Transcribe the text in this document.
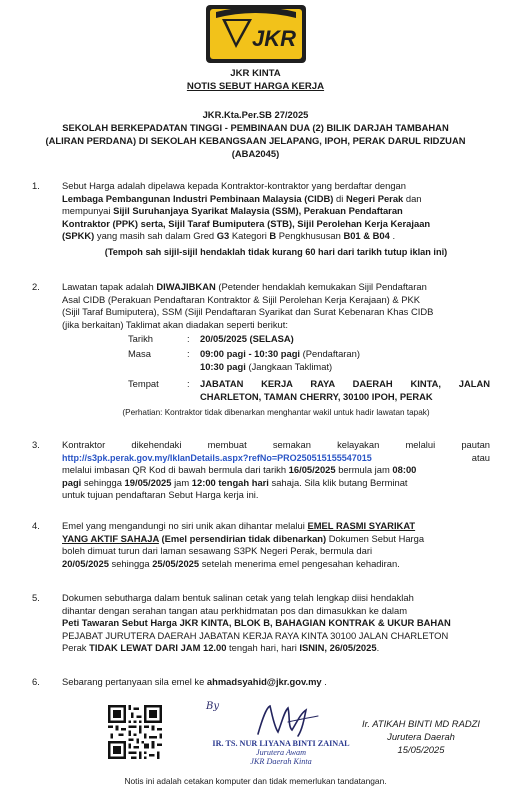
JKR
JKR KINTA
NOTIS SEBUT HARGA KERJA
JKR.Kta.Per.SB 27/2025
SEKOLAH BERKEPADATAN TINGGI - PEMBINAAN DUA (2) BILIK DARJAH TAMBAHAN
(ALIRAN PERDANA) DI SEKOLAH KEBANGSAAN JELAPANG, IPOH, PERAK DARUL RIDZUAN
(ABA2045)
1. Sebut Harga adalah dipelawa kepada Kontraktor-kontraktor yang berdaftar dengan
Lembaga Pembangunan Industri Pembinaan Malaysia (CIDB) di Negeri Perak dan
mempunyai Sijil Suruhanjaya Syarikat Malaysia (SSM), Perakuan Pendaftaran
Kontraktor (PPK) serta, Sijil Taraf Bumiputera (STB), Sijil Perolehan Kerja Kerajaan
(SPKK) yang masih sah dalam Gred G3 Kategori B Pengkhususan B01 & B04 .
(Tempoh sah sijil-sijil hendaklah tidak kurang 60 hari dari tarikh tutup iklan ini)
2. Lawatan tapak adalah DIWAJIBKAN (Petender hendaklah kemukakan Sijil Pendaftaran
Asal CIDB (Perakuan Pendaftaran Kontraktor & Sijil Perolehan Kerja Kerajaan) & PKK
(Sijil Taraf Bumiputera), SSM (Sijil Pendaftaran Syarikat dan Surat Kebenaran Khas CIDB
(jika berkaitan) Taklimat akan diadakan seperti berikut:
Tarikh	: 20/05/2025 (SELASA)
Masa	: 09:00 pagi - 10:30 pagi (Pendaftaran)
10:30 pagi (Jangkaan Taklimat)
Tempat	: JABATAN KERJA RAYA DAERAH KINTA, JALAN
CHARLETON, TAMAN CHERRY, 30100 IPOH, PERAK
(Perhatian: Kontraktor tidak dibenarkan menghantar wakil untuk hadir lawatan tapak)
3. Kontraktor dikehendaki membuat semakan kelayakan melalui pautan
http://s3pk.perak.gov.my/IklanDetails.aspx?refNo=PRO250515155547015	atau
melalui imbasan QR Kod di bawah bermula dari tarikh 16/05/2025 bermula jam 08:00
pagi sehingga 19/05/2025 jam 12:00 tengah hari sahaja. Sila klik butang Berminat
untuk tujuan pendaftaran Sebut Harga kerja ini.
4. Emel yang mengandungi no siri unik akan dihantar melalui EMEL RASMI SYARIKAT
YANG AKTIF SAHAJA (Emel persendirian tidak dibenarkan) Dokumen Sebut Harga
boleh dimuat turun dari laman sesawang S3PK Negeri Perak, bermula dari
20/05/2025 sehingga 25/05/2025 setelah menerima emel pengesahan kehadiran.
5. Dokumen sebutharga dalam bentuk salinan cetak yang telah lengkap diisi hendaklah
dihantar dengan serahan tangan atau perkhidmatan pos dan dimasukkan ke dalam
Peti Tawaran Sebut Harga JKR KINTA, BLOK B, BAHAGIAN KONTRAK & UKUR BAHAN
PEJABAT JURUTERA DAERAH JABATAN KERJA RAYA KINTA 30100 JALAN CHARLETON
Perak TIDAK LEWAT DARI JAM 12.00 tengah hari, hari ISNIN, 26/05/2025.
6. Sebarang pertanyaan sila emel ke ahmadsyahid@jkr.gov.my .
By
IR. TS. NUR LIYANA BINTI ZAINAL
Jurutera Awam
JKR Daerah Kinta
Ir. ATIKAH BINTI MD RADZI
Jurutera Daerah
15/05/2025
Notis ini adalah cetakan komputer dan tidak memerlukan tandatangan.
